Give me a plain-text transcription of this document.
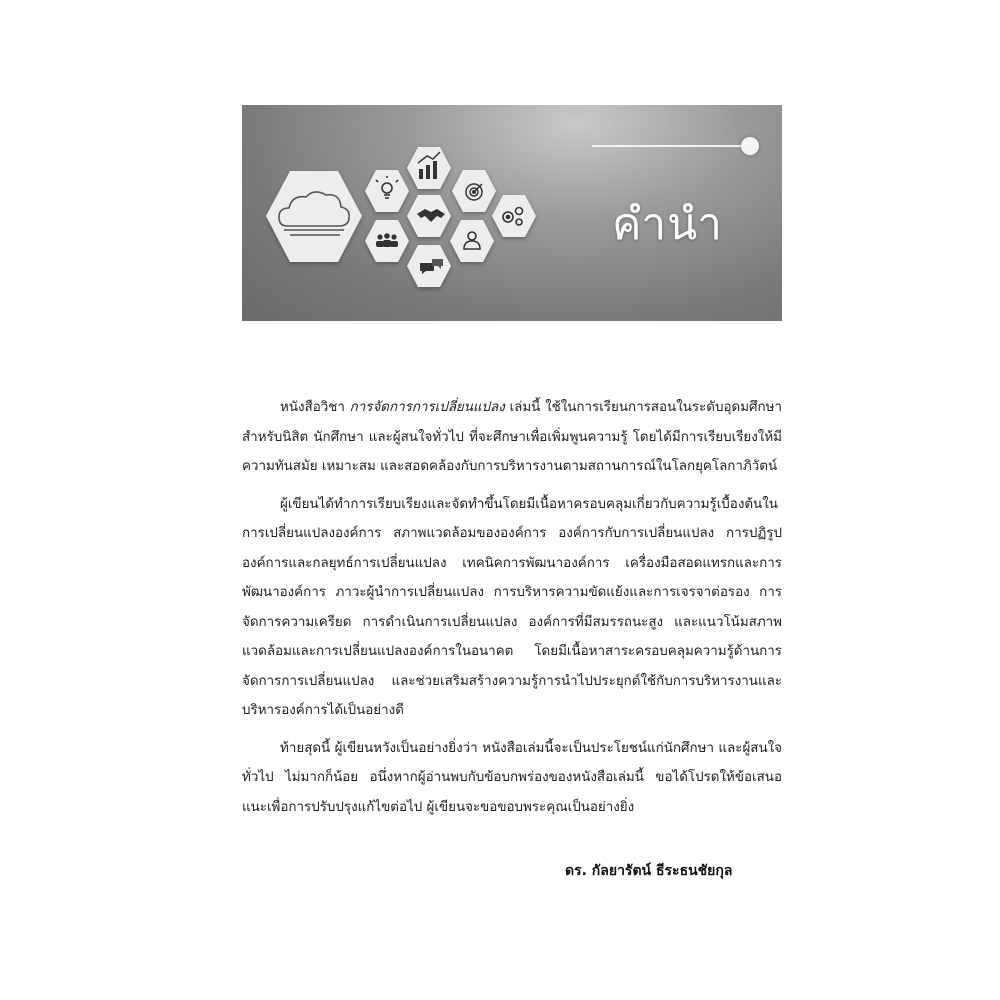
คำนำ

หนังสือวิชา การจัดการการเปลี่ยนแปลง เล่มนี้ ใช้ในการเรียนการสอนในระดับอุดมศึกษา สำหรับนิสิต นักศึกษา และผู้สนใจทั่วไป ที่จะศึกษาเพื่อเพิ่มพูนความรู้ โดยได้มีการเรียบเรียงให้มีความทันสมัย เหมาะสม และสอดคล้องกับการบริหารงานตามสถานการณ์ในโลกยุคโลกาภิวัตน์

ผู้เขียนได้ทำการเรียบเรียงและจัดทำขึ้นโดยมีเนื้อหาครอบคลุมเกี่ยวกับความรู้เบื้องต้นในการเปลี่ยนแปลงองค์การ สภาพแวดล้อมขององค์การ องค์การกับการเปลี่ยนแปลง การปฏิรูปองค์การและกลยุทธ์การเปลี่ยนแปลง เทคนิคการพัฒนาองค์การ เครื่องมือสอดแทรกและการพัฒนาองค์การ ภาวะผู้นำการเปลี่ยนแปลง การบริหารความขัดแย้งและการเจรจาต่อรอง การจัดการความเครียด การดำเนินการเปลี่ยนแปลง องค์การที่มีสมรรถนะสูง และแนวโน้มสภาพแวดล้อมและการเปลี่ยนแปลงองค์การในอนาคต โดยมีเนื้อหาสาระครอบคลุมความรู้ด้านการจัดการการเปลี่ยนแปลง และช่วยเสริมสร้างความรู้การนำไปประยุกต์ใช้กับการบริหารงานและบริหารองค์การได้เป็นอย่างดี

ท้ายสุดนี้ ผู้เขียนหวังเป็นอย่างยิ่งว่า หนังสือเล่มนี้จะเป็นประโยชน์แก่นักศึกษา และผู้สนใจทั่วไป ไม่มากก็น้อย อนึ่งหากผู้อ่านพบกับข้อบกพร่องของหนังสือเล่มนี้ ขอได้โปรดให้ข้อเสนอแนะเพื่อการปรับปรุงแก้ไขต่อไป ผู้เขียนจะขอขอบพระคุณเป็นอย่างยิ่ง

ดร. กัลยารัตน์ ธีระธนชัยกุล
